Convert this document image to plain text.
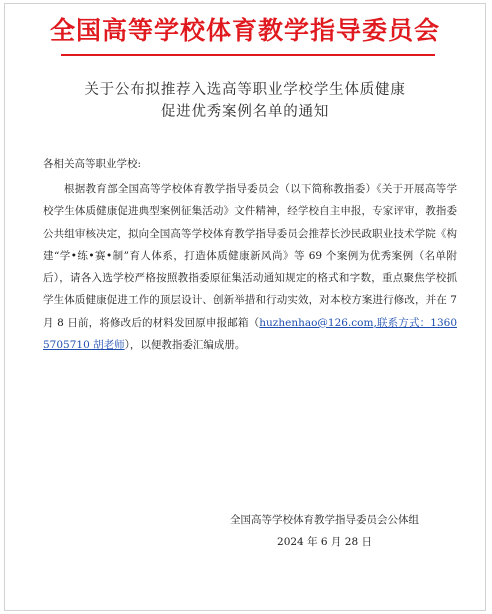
全国高等学校体育教学指导委员会
关于公布拟推荐入选高等职业学校学生体质健康
促进优秀案例名单的通知
各相关高等职业学校:
根据教育部全国高等学校体育教学指导委员会（以下简称教指委）《关于开展高等学校学生体质健康促进典型案例征集活动》文件精神，经学校自主申报，专家评审，教指委公共组审核决定，拟向全国高等学校体育教学指导委员会推荐长沙民政职业技术学院《构建“学•练•赛•制”育人体系，打造体质健康新风尚》等 69 个案例为优秀案例（名单附后），请各入选学校严格按照教指委原征集活动通知规定的格式和字数，重点聚焦学校抓学生体质健康促进工作的顶层设计、创新举措和行动实效，对本校方案进行修改，并在 7 月 8 日前，将修改后的材料发回原申报邮箱（huzhenhao@126.com,联系方式：13605705710 胡老师），以便教指委汇编成册。
全国高等学校体育教学指导委员会公体组
2024 年 6 月 28 日
